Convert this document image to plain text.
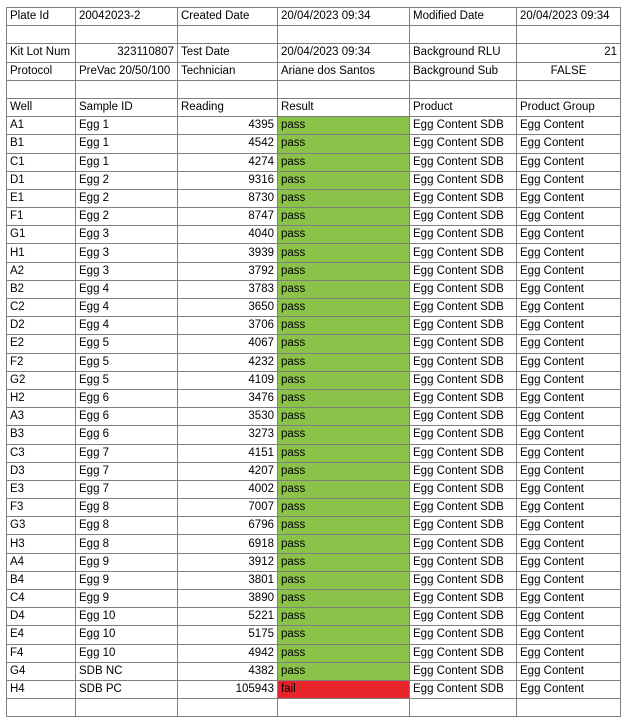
Plate Id	20042023-2	Created Date	20/04/2023 09:34	Modified Date	20/04/2023 09:34

Kit Lot Num	323110807	Test Date	20/04/2023 09:34	Background RLU	21
Protocol	PreVac 20/50/100	Technician	Ariane dos Santos	Background Sub	FALSE

Well	Sample ID	Reading	Result	Product	Product Group
A1	Egg 1	4395	pass	Egg Content SDB	Egg Content
B1	Egg 1	4542	pass	Egg Content SDB	Egg Content
C1	Egg 1	4274	pass	Egg Content SDB	Egg Content
D1	Egg 2	9316	pass	Egg Content SDB	Egg Content
E1	Egg 2	8730	pass	Egg Content SDB	Egg Content
F1	Egg 2	8747	pass	Egg Content SDB	Egg Content
G1	Egg 3	4040	pass	Egg Content SDB	Egg Content
H1	Egg 3	3939	pass	Egg Content SDB	Egg Content
A2	Egg 3	3792	pass	Egg Content SDB	Egg Content
B2	Egg 4	3783	pass	Egg Content SDB	Egg Content
C2	Egg 4	3650	pass	Egg Content SDB	Egg Content
D2	Egg 4	3706	pass	Egg Content SDB	Egg Content
E2	Egg 5	4067	pass	Egg Content SDB	Egg Content
F2	Egg 5	4232	pass	Egg Content SDB	Egg Content
G2	Egg 5	4109	pass	Egg Content SDB	Egg Content
H2	Egg 6	3476	pass	Egg Content SDB	Egg Content
A3	Egg 6	3530	pass	Egg Content SDB	Egg Content
B3	Egg 6	3273	pass	Egg Content SDB	Egg Content
C3	Egg 7	4151	pass	Egg Content SDB	Egg Content
D3	Egg 7	4207	pass	Egg Content SDB	Egg Content
E3	Egg 7	4002	pass	Egg Content SDB	Egg Content
F3	Egg 8	7007	pass	Egg Content SDB	Egg Content
G3	Egg 8	6796	pass	Egg Content SDB	Egg Content
H3	Egg 8	6918	pass	Egg Content SDB	Egg Content
A4	Egg 9	3912	pass	Egg Content SDB	Egg Content
B4	Egg 9	3801	pass	Egg Content SDB	Egg Content
C4	Egg 9	3890	pass	Egg Content SDB	Egg Content
D4	Egg 10	5221	pass	Egg Content SDB	Egg Content
E4	Egg 10	5175	pass	Egg Content SDB	Egg Content
F4	Egg 10	4942	pass	Egg Content SDB	Egg Content
G4	SDB NC	4382	pass	Egg Content SDB	Egg Content
H4	SDB PC	105943	fail	Egg Content SDB	Egg Content
